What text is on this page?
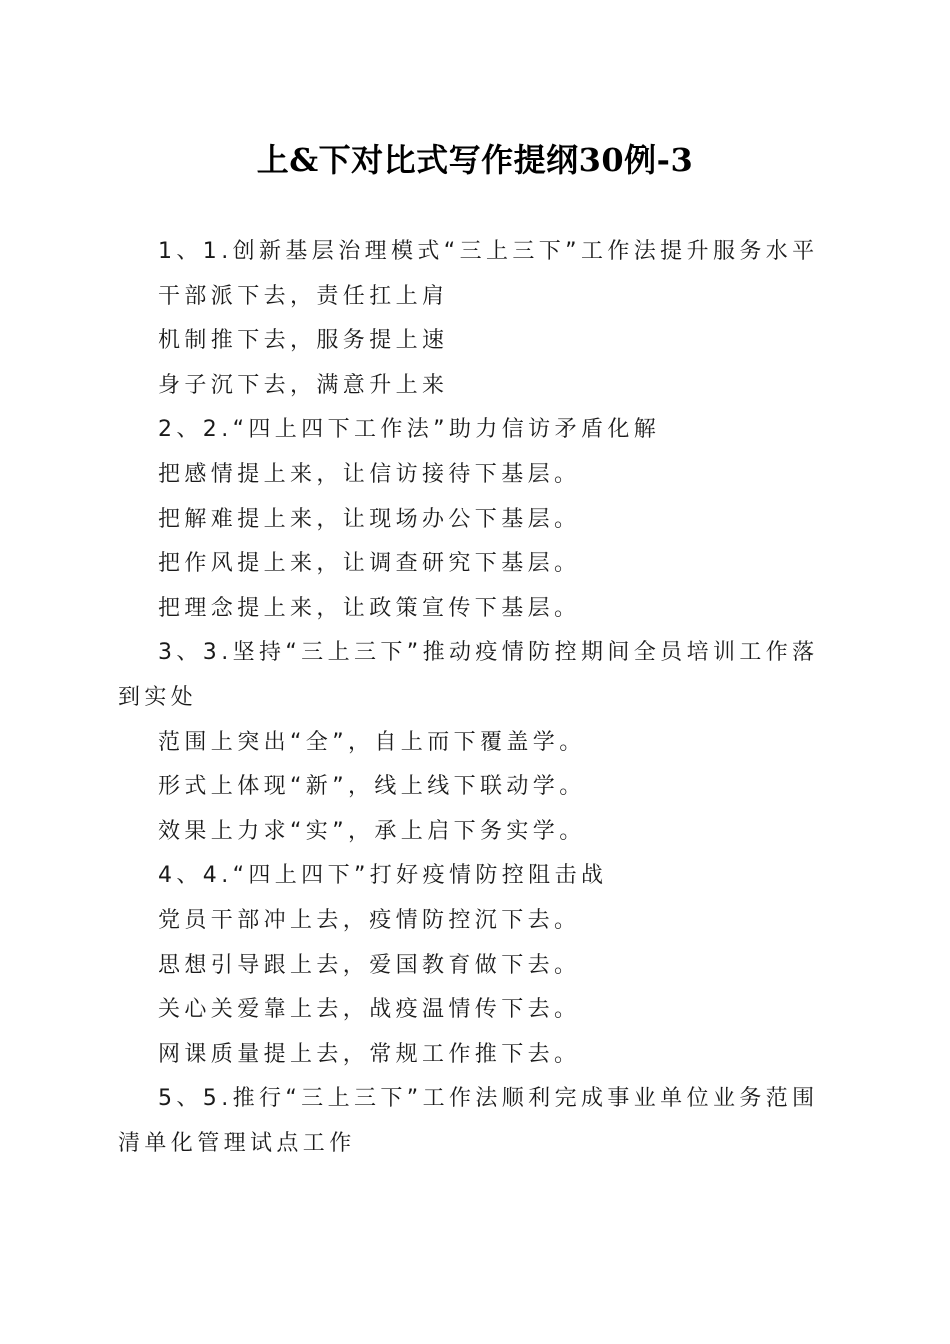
上&下对比式写作提纲30例-3

1、1.创新基层治理模式“三上三下”工作法提升服务水平

干部派下去，责任扛上肩

机制推下去，服务提上速

身子沉下去，满意升上来

2、2.“四上四下工作法”助力信访矛盾化解

把感情提上来，让信访接待下基层。

把解难提上来，让现场办公下基层。

把作风提上来，让调查研究下基层。

把理念提上来，让政策宣传下基层。

3、3.坚持“三上三下”推动疫情防控期间全员培训工作落到实处

范围上突出“全”，自上而下覆盖学。

形式上体现“新”，线上线下联动学。

效果上力求“实”，承上启下务实学。

4、4.“四上四下”打好疫情防控阻击战

党员干部冲上去，疫情防控沉下去。

思想引导跟上去，爱国教育做下去。

关心关爱靠上去，战疫温情传下去。

网课质量提上去，常规工作推下去。

5、5.推行“三上三下”工作法顺利完成事业单位业务范围清单化管理试点工作
